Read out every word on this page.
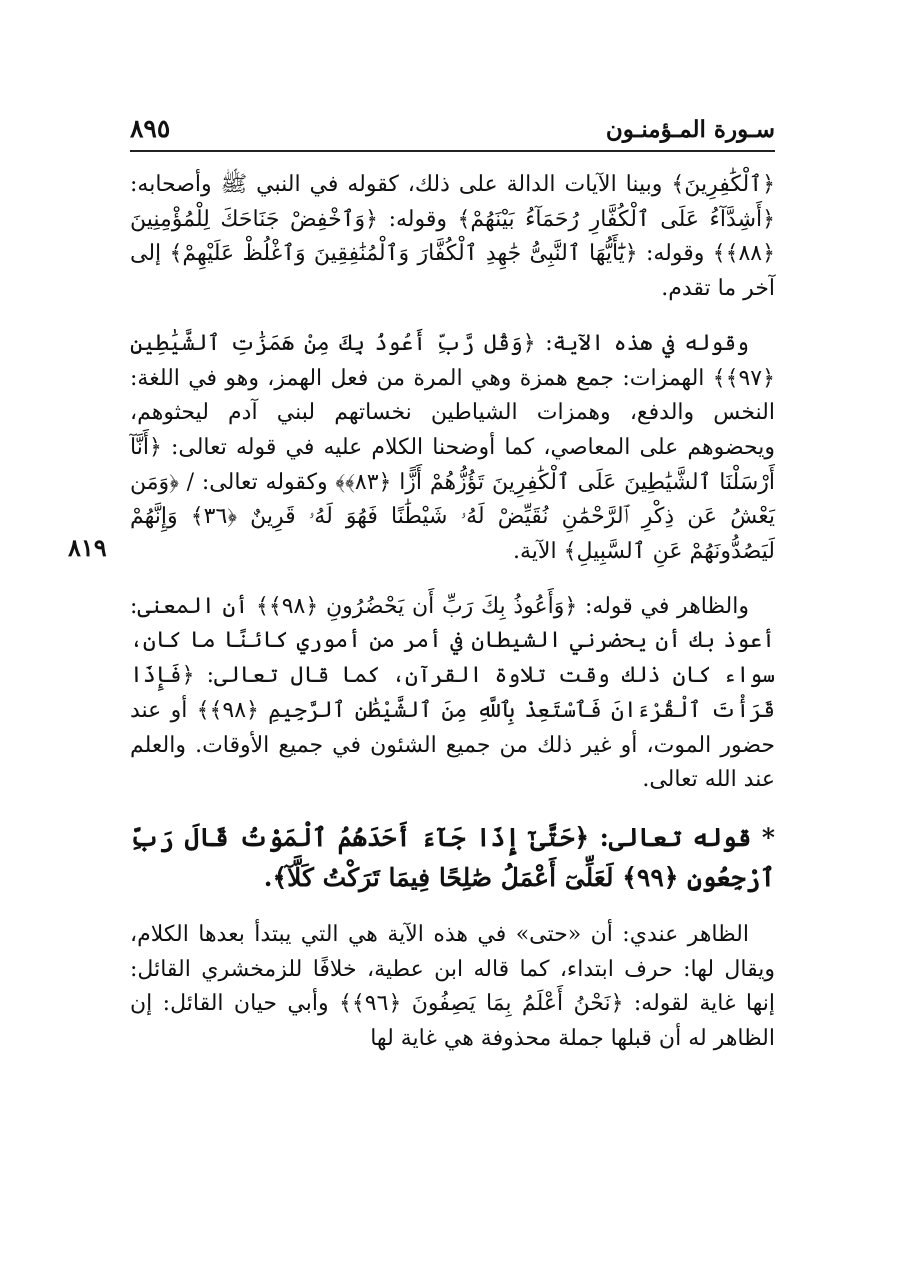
سـورة المـؤمنـون
٨٩٥
٨١٩

﴿ٱلْكَٰفِرِينَ﴾ وبينا الآيات الدالة على ذلك، كقوله في النبي ﷺ وأصحابه: ﴿أَشِدَّآءُ عَلَى ٱلْكُفَّارِ رُحَمَآءُ بَيْنَهُمْ﴾ وقوله: ﴿وَٱخْفِضْ جَنَاحَكَ لِلْمُؤْمِنِينَ ﴿٨٨﴾﴾ وقوله: ﴿يَٰٓأَيُّهَا ٱلنَّبِىُّ جَٰهِدِ ٱلْكُفَّارَ وَٱلْمُنَٰفِقِينَ وَٱغْلُظْ عَلَيْهِمْ﴾ إلى آخر ما تقدم.

وقوله في هذه الآية: ﴿وَقُل رَّبِّ أَعُوذُ بِكَ مِنْ هَمَزَٰتِ ٱلشَّيَٰطِينِ ﴿٩٧﴾﴾ الهمزات: جمع همزة وهي المرة من فعل الهمز، وهو في اللغة: النخس والدفع، وهمزات الشياطين نخساتهم لبني آدم ليحثوهم، ويحضوهم على المعاصي، كما أوضحنا الكلام عليه في قوله تعالى: ﴿أَنَّآ أَرْسَلْنَا ٱلشَّيَٰطِينَ عَلَى ٱلْكَٰفِرِينَ تَؤُزُّهُمْ أَزًّا ﴿٨٣﴾﴾ وكقوله تعالى: / ﴿وَمَن يَعْشُ عَن ذِكْرِ ٱلرَّحْمَٰنِ نُقَيِّضْ لَهُۥ شَيْطَٰنًا فَهُوَ لَهُۥ قَرِينٌ ﴿٣٦﴾ وَإِنَّهُمْ لَيَصُدُّونَهُمْ عَنِ ٱلسَّبِيلِ﴾ الآية.

والظاهر في قوله: ﴿وَأَعُوذُ بِكَ رَبِّ أَن يَحْضُرُونِ ﴿٩٨﴾﴾ أن المعنى: أعوذ بك أن يحضرني الشيطان في أمر من أموري كائنًا ما كان، سواء كان ذلك وقت تلاوة القرآن، كما قال تعالى: ﴿فَإِذَا قَرَأْتَ ٱلْقُرْءَانَ فَٱسْتَعِذْ بِٱللَّهِ مِنَ ٱلشَّيْطَٰنِ ٱلرَّجِيمِ ﴿٩٨﴾﴾ أو عند حضور الموت، أو غير ذلك من جميع الشئون في جميع الأوقات. والعلم عند الله تعالى.

* قوله تعالى: ﴿حَتَّىٰٓ إِذَا جَآءَ أَحَدَهُمُ ٱلْمَوْتُ قَالَ رَبِّ ٱرْجِعُونِ ﴿٩٩﴾ لَعَلِّىٓ أَعْمَلُ صَٰلِحًا فِيمَا تَرَكْتُ كَلَّآ﴾.

الظاهر عندي: أن «حتى» في هذه الآية هي التي يبتدأ بعدها الكلام، ويقال لها: حرف ابتداء، كما قاله ابن عطية، خلافًا للزمخشري القائل: إنها غاية لقوله: ﴿نَحْنُ أَعْلَمُ بِمَا يَصِفُونَ ﴿٩٦﴾﴾ وأبي حيان القائل: إن الظاهر له أن قبلها جملة محذوفة هي غاية لها
